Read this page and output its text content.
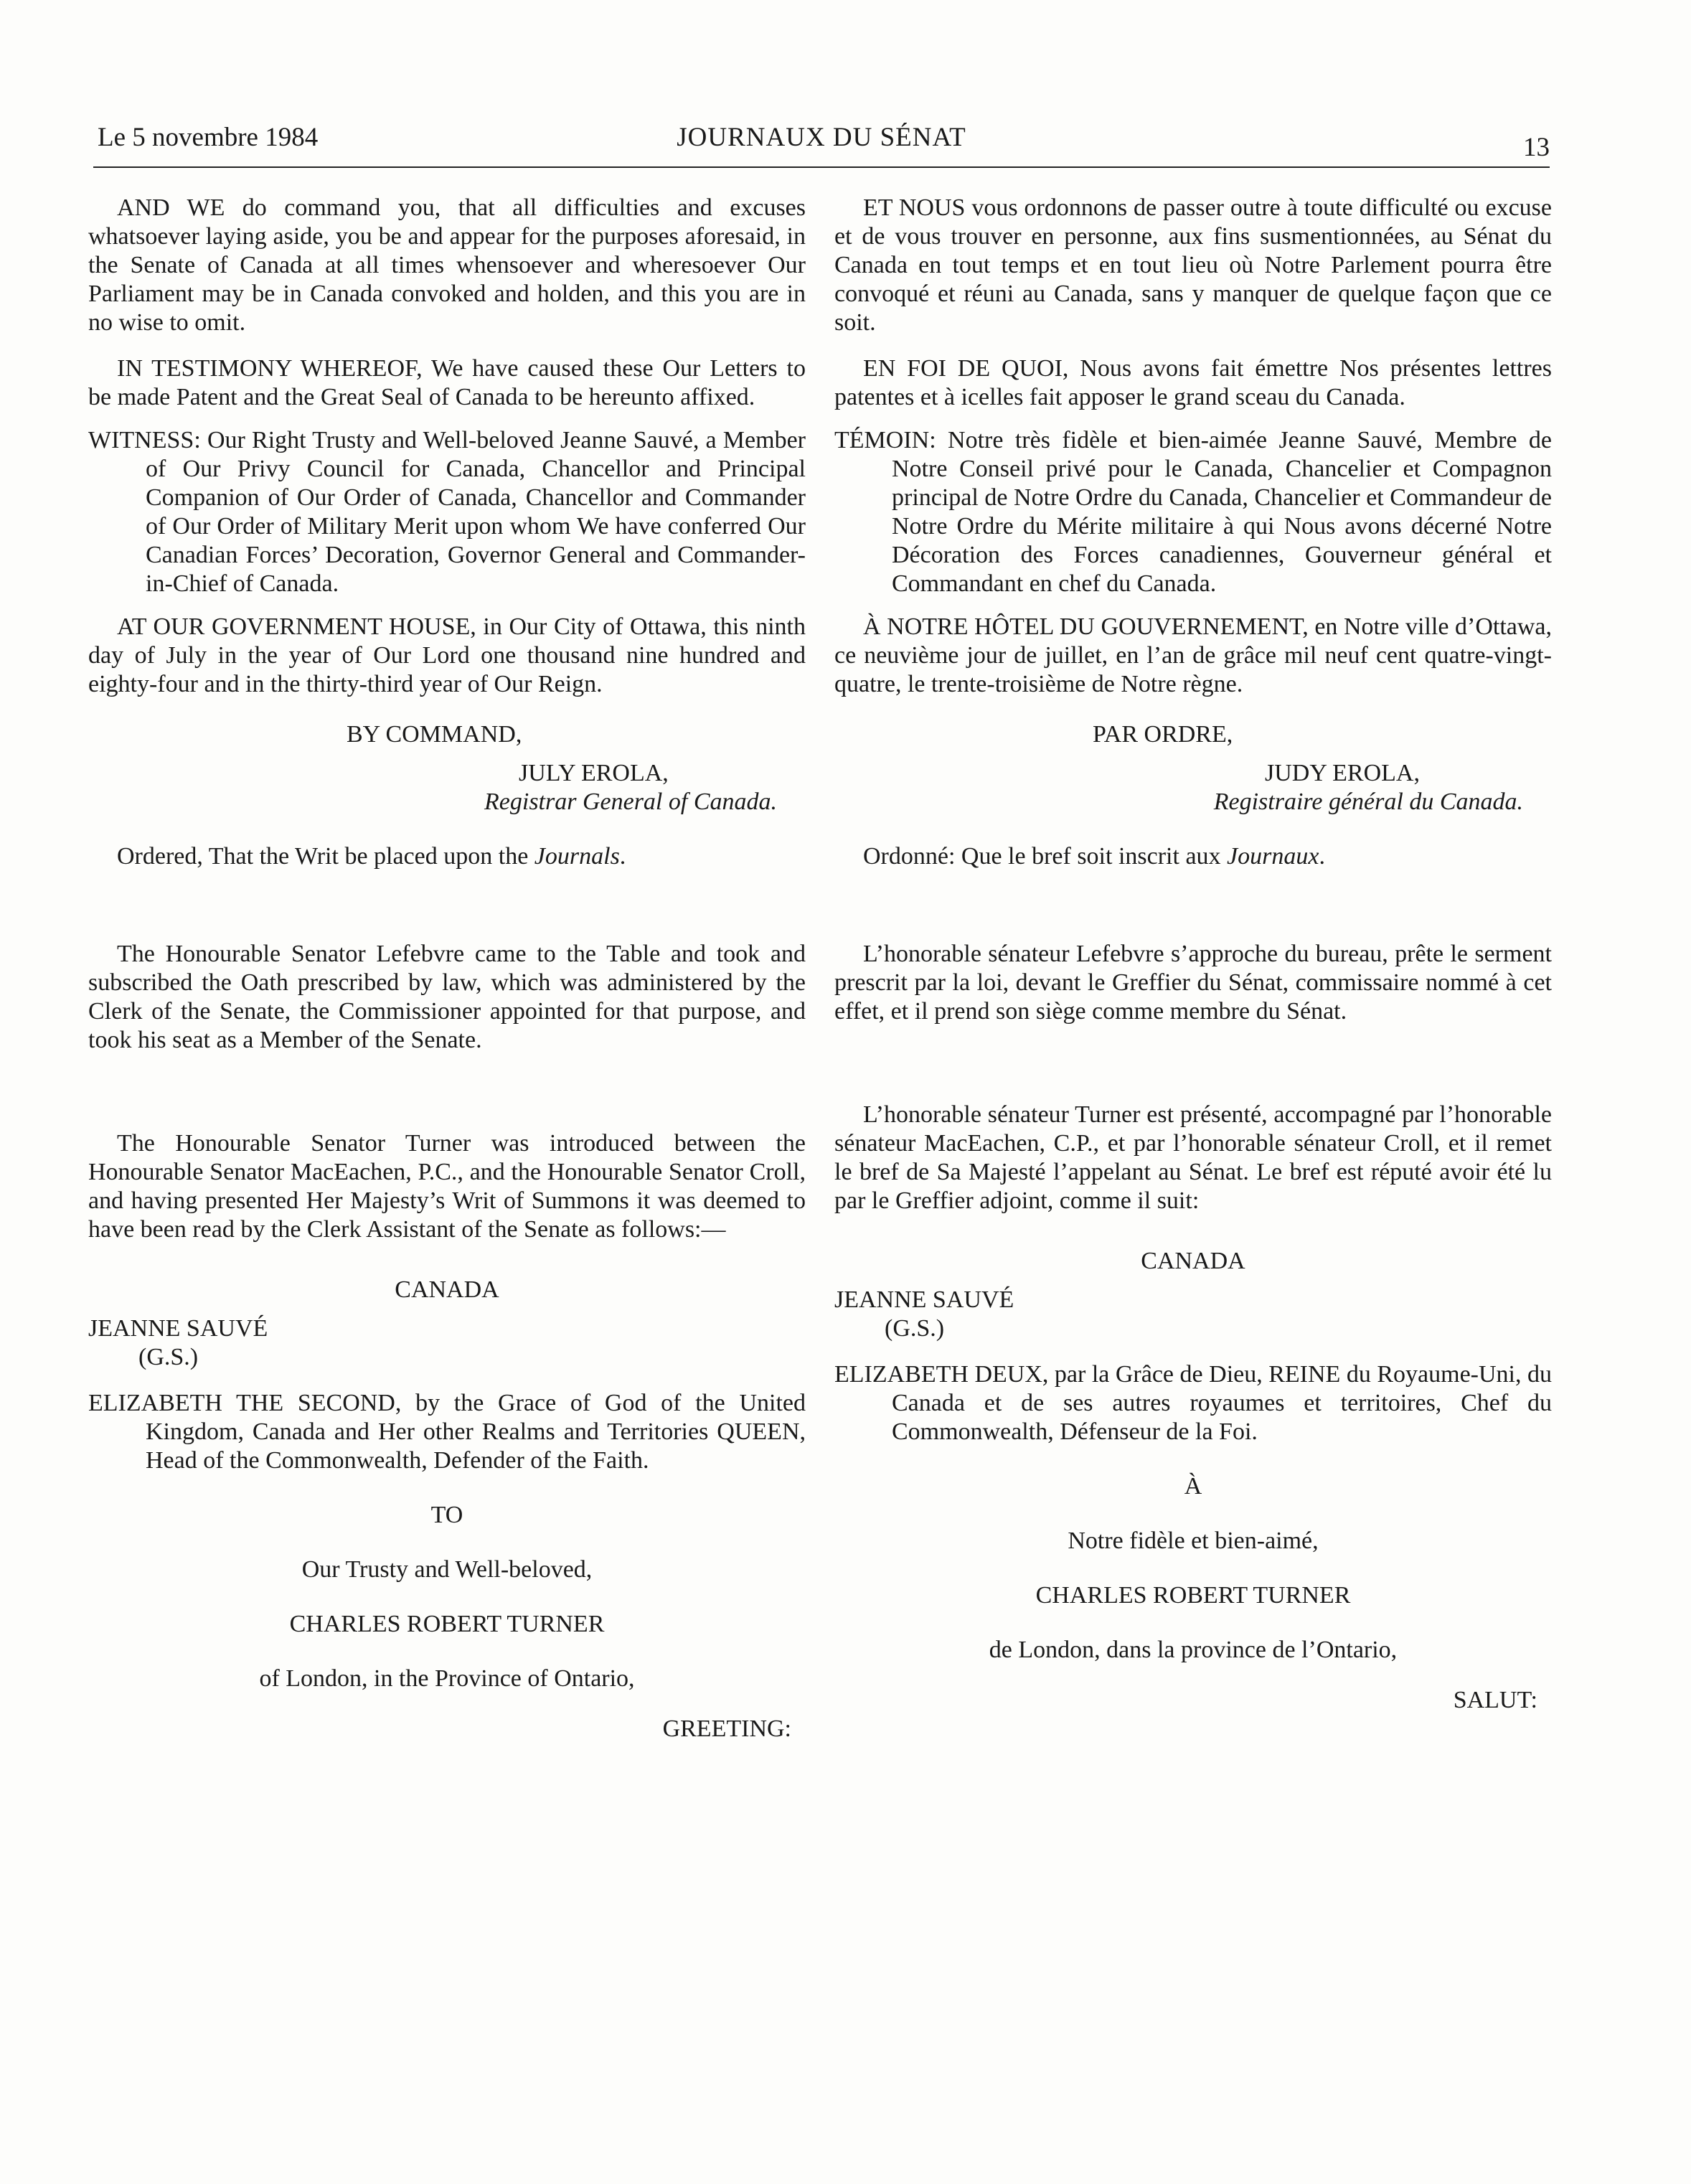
Le 5 novembre 1984	JOURNAUX DU SÉNAT	13

AND WE do command you, that all difficulties and excuses whatsoever laying aside, you be and appear for the purposes aforesaid, in the Senate of Canada at all times whensoever and wheresoever Our Parliament may be in Canada convoked and holden, and this you are in no wise to omit.

IN TESTIMONY WHEREOF, We have caused these Our Letters to be made Patent and the Great Seal of Canada to be hereunto affixed.

WITNESS: Our Right Trusty and Well-beloved Jeanne Sauvé, a Member of Our Privy Council for Canada, Chancellor and Principal Companion of Our Order of Canada, Chancellor and Commander of Our Order of Military Merit upon whom We have conferred Our Canadian Forces’ Decoration, Governor General and Commander-in-Chief of Canada.

AT OUR GOVERNMENT HOUSE, in Our City of Ottawa, this ninth day of July in the year of Our Lord one thousand nine hundred and eighty-four and in the thirty-third year of Our Reign.

BY COMMAND,
JULY EROLA,
Registrar General of Canada.
Ordered, That the Writ be placed upon the Journals.

The Honourable Senator Lefebvre came to the Table and took and subscribed the Oath prescribed by law, which was administered by the Clerk of the Senate, the Commissioner appointed for that purpose, and took his seat as a Member of the Senate.

The Honourable Senator Turner was introduced between the Honourable Senator MacEachen, P.C., and the Honourable Senator Croll, and having presented Her Majesty’s Writ of Summons it was deemed to have been read by the Clerk Assistant of the Senate as follows:—

CANADA
JEANNE SAUVÉ
(G.S.)

ELIZABETH THE SECOND, by the Grace of God of the United Kingdom, Canada and Her other Realms and Territories QUEEN, Head of the Commonwealth, Defender of the Faith.

TO
Our Trusty and Well-beloved,
CHARLES ROBERT TURNER
of London, in the Province of Ontario,
GREETING:

ET NOUS vous ordonnons de passer outre à toute difficulté ou excuse et de vous trouver en personne, aux fins susmentionnées, au Sénat du Canada en tout temps et en tout lieu où Notre Parlement pourra être convoqué et réuni au Canada, sans y manquer de quelque façon que ce soit.

EN FOI DE QUOI, Nous avons fait émettre Nos présentes lettres patentes et à icelles fait apposer le grand sceau du Canada.

TÉMOIN: Notre très fidèle et bien-aimée Jeanne Sauvé, Membre de Notre Conseil privé pour le Canada, Chancelier et Compagnon principal de Notre Ordre du Canada, Chancelier et Commandeur de Notre Ordre du Mérite militaire à qui Nous avons décerné Notre Décoration des Forces canadiennes, Gouverneur général et Commandant en chef du Canada.

À NOTRE HÔTEL DU GOUVERNEMENT, en Notre ville d’Ottawa, ce neuvième jour de juillet, en l’an de grâce mil neuf cent quatre-vingt-quatre, le trente-troisième de Notre règne.

PAR ORDRE,
JUDY EROLA,
Registraire général du Canada.
Ordonné: Que le bref soit inscrit aux Journaux.

L’honorable sénateur Lefebvre s’approche du bureau, prête le serment prescrit par la loi, devant le Greffier du Sénat, commissaire nommé à cet effet, et il prend son siège comme membre du Sénat.

L’honorable sénateur Turner est présenté, accompagné par l’honorable sénateur MacEachen, C.P., et par l’honorable sénateur Croll, et il remet le bref de Sa Majesté l’appelant au Sénat. Le bref est réputé avoir été lu par le Greffier adjoint, comme il suit:

CANADA
JEANNE SAUVÉ
(G.S.)

ELIZABETH DEUX, par la Grâce de Dieu, REINE du Royaume-Uni, du Canada et de ses autres royaumes et territoires, Chef du Commonwealth, Défenseur de la Foi.

À
Notre fidèle et bien-aimé,
CHARLES ROBERT TURNER
de London, dans la province de l’Ontario,
SALUT:
